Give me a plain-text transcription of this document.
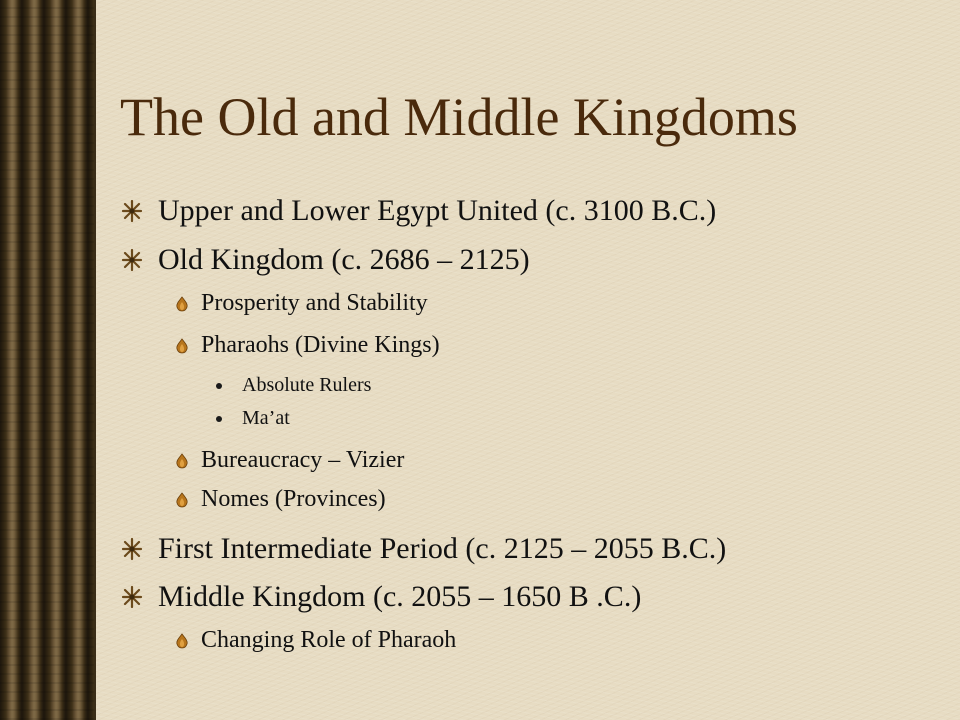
The Old and Middle Kingdoms
Upper and Lower Egypt United (c. 3100 B.C.)
Old Kingdom (c. 2686 – 2125)
Prosperity and Stability
Pharaohs (Divine Kings)
Absolute Rulers
Ma’at
Bureaucracy – Vizier
Nomes (Provinces)
First Intermediate Period (c. 2125 – 2055 B.C.)
Middle Kingdom (c. 2055 – 1650 B .C.)
Changing Role of Pharaoh
